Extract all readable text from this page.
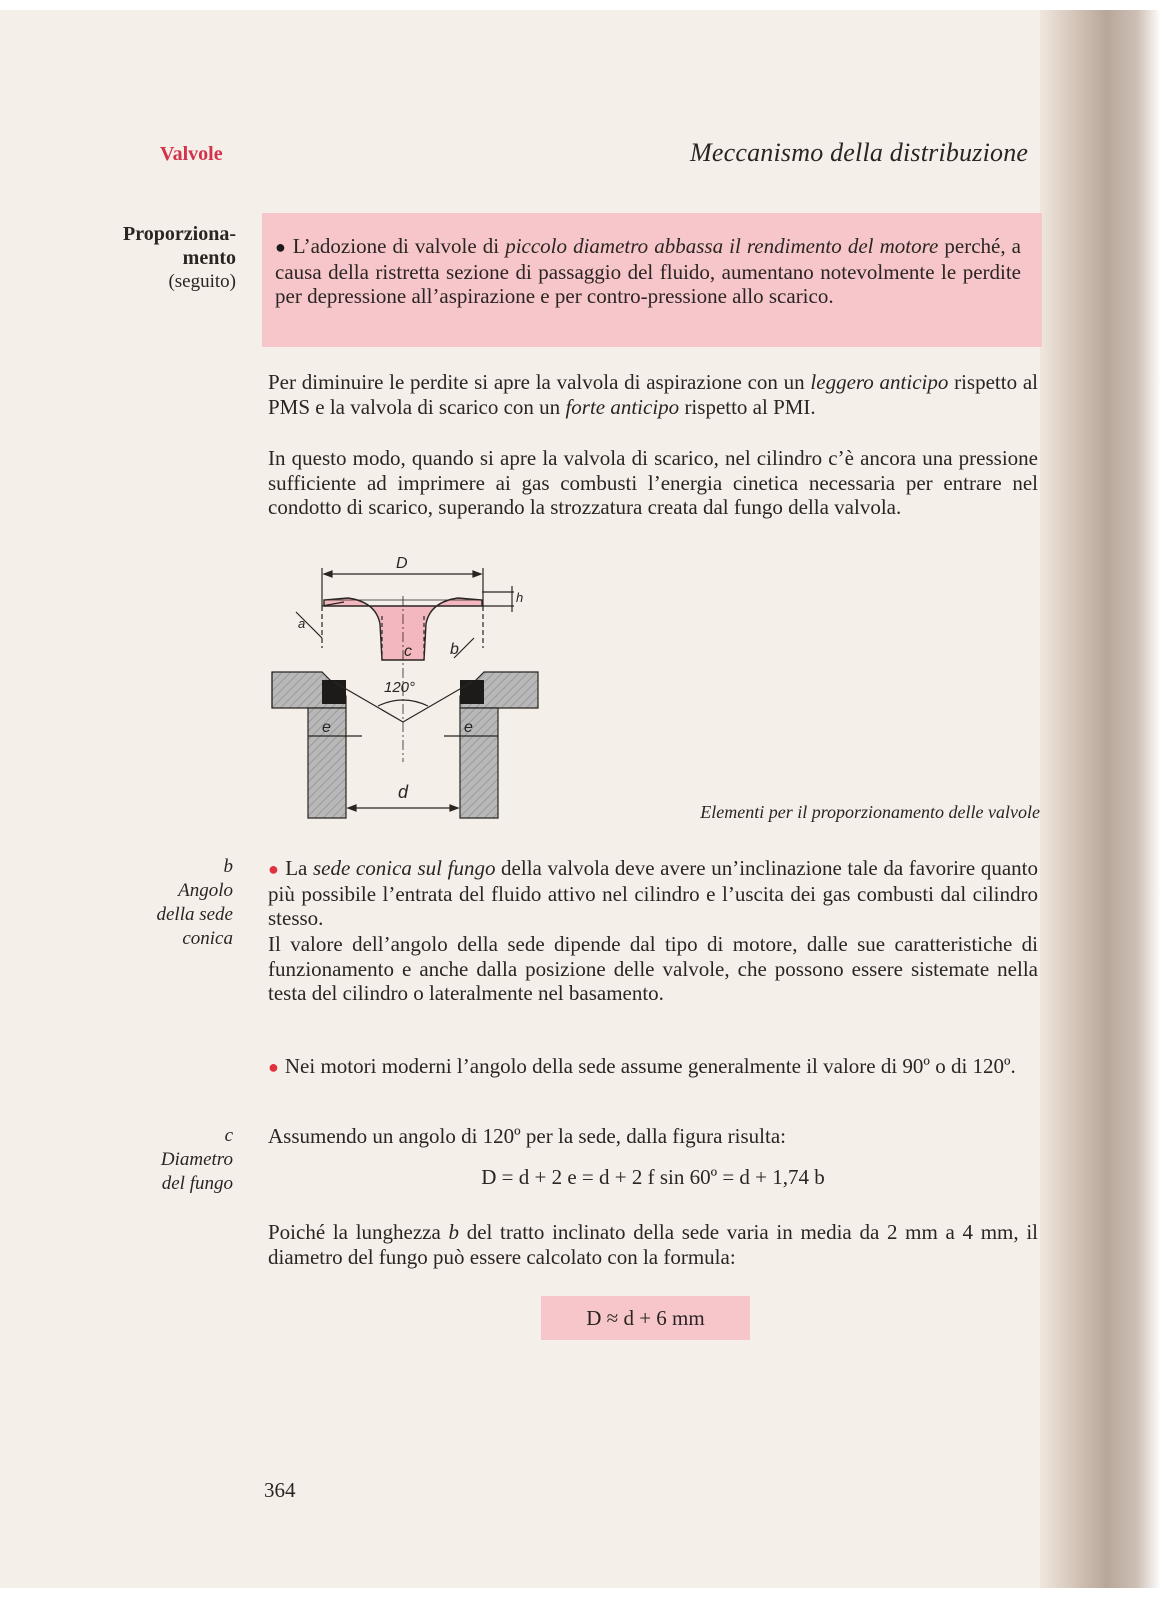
Valvole	Meccanismo della distribuzione
Proporziona-
mento
(seguito)
● L’adozione di valvole di piccolo diametro abbassa il rendimento del motore perché, a causa della ristretta sezione di passaggio del fluido, aumentano notevolmente le perdite per depressione all’aspirazione e per contro-pressione allo scarico.
Per diminuire le perdite si apre la valvola di aspirazione con un leggero anticipo rispetto al PMS e la valvola di scarico con un forte anticipo rispetto al PMI.
In questo modo, quando si apre la valvola di scarico, nel cilindro c’è ancora una pressione sufficiente ad imprimere ai gas combusti l’energia cinetica necessaria per entrare nel condotto di scarico, superando la strozzatura creata dal fungo della valvola.
D
h
a
c b
120°
e	e
d
Elementi per il proporzionamento delle valvole
b
Angolo
della sede
conica
● La sede conica sul fungo della valvola deve avere un’inclinazione tale da favorire quanto più possibile l’entrata del fluido attivo nel cilindro e l’uscita dei gas combusti dal cilindro stesso.
Il valore dell’angolo della sede dipende dal tipo di motore, dalle sue caratteristiche di funzionamento e anche dalla posizione delle valvole, che possono essere sistemate nella testa del cilindro o lateralmente nel basamento.
● Nei motori moderni l’angolo della sede assume generalmente il valore di 90º o di 120º.
c
Diametro
del fungo
Assumendo un angolo di 120º per la sede, dalla figura risulta:
D = d + 2 e = d + 2 f sin 60º = d + 1,74 b
Poiché la lunghezza b del tratto inclinato della sede varia in media da 2 mm a 4 mm, il diametro del fungo può essere calcolato con la formula:
D ≈ d + 6 mm
364
